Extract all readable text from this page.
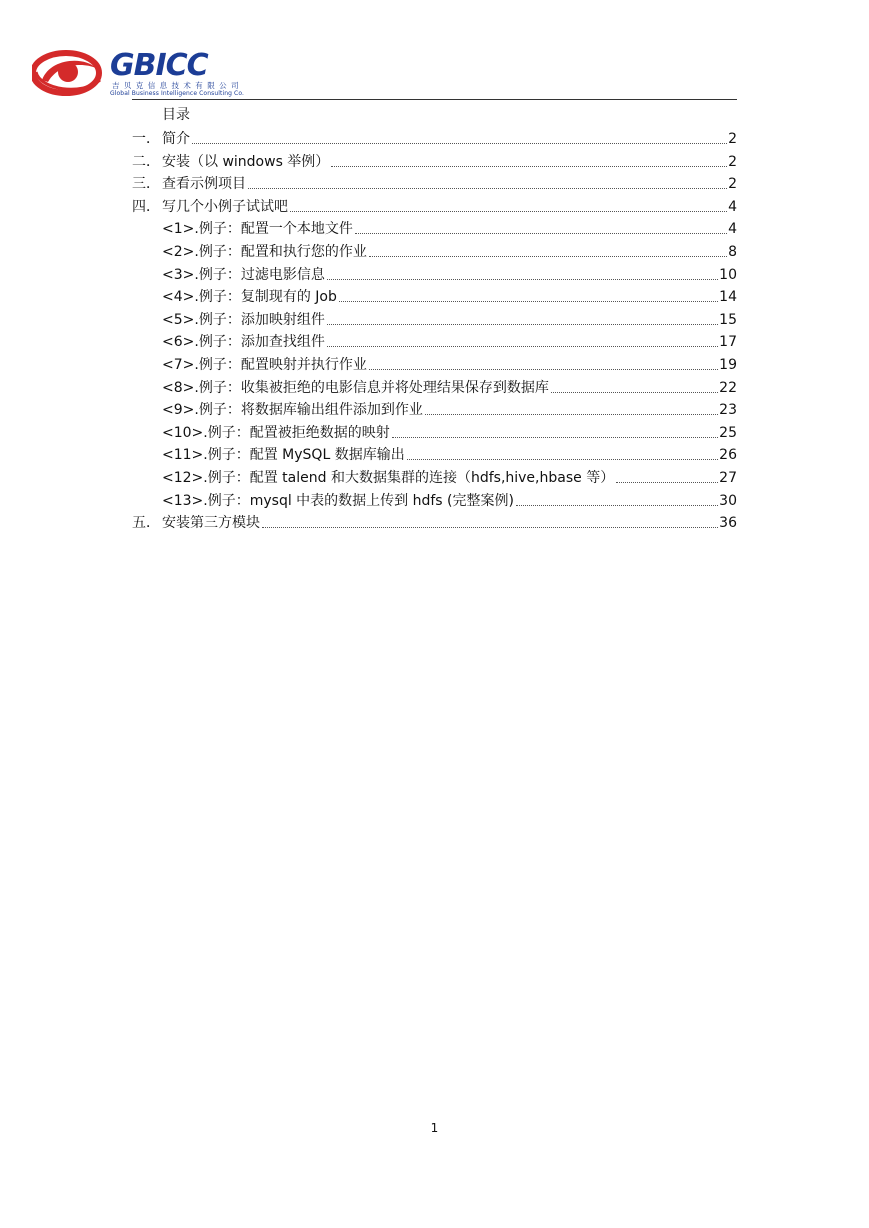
GBICC
吉贝克信息技术有限公司
Global Business Intelligence Consulting Co.
目录
一． 简介	2
二． 安装（以 windows 举例）	2
三． 查看示例项目	2
四． 写几个小例子试试吧	4
<1>.例子：配置一个本地文件	4
<2>.例子：配置和执行您的作业	8
<3>.例子：过滤电影信息	10
<4>.例子：复制现有的 Job	14
<5>.例子：添加映射组件	15
<6>.例子：添加查找组件	17
<7>.例子：配置映射并执行作业	19
<8>.例子：收集被拒绝的电影信息并将处理结果保存到数据库	22
<9>.例子：将数据库输出组件添加到作业	23
<10>.例子：配置被拒绝数据的映射	25
<11>.例子：配置 MySQL 数据库输出	26
<12>.例子：配置 talend 和大数据集群的连接（hdfs,hive,hbase 等）	27
<13>.例子：mysql 中表的数据上传到 hdfs (完整案例)	30
五． 安装第三方模块	36
1
